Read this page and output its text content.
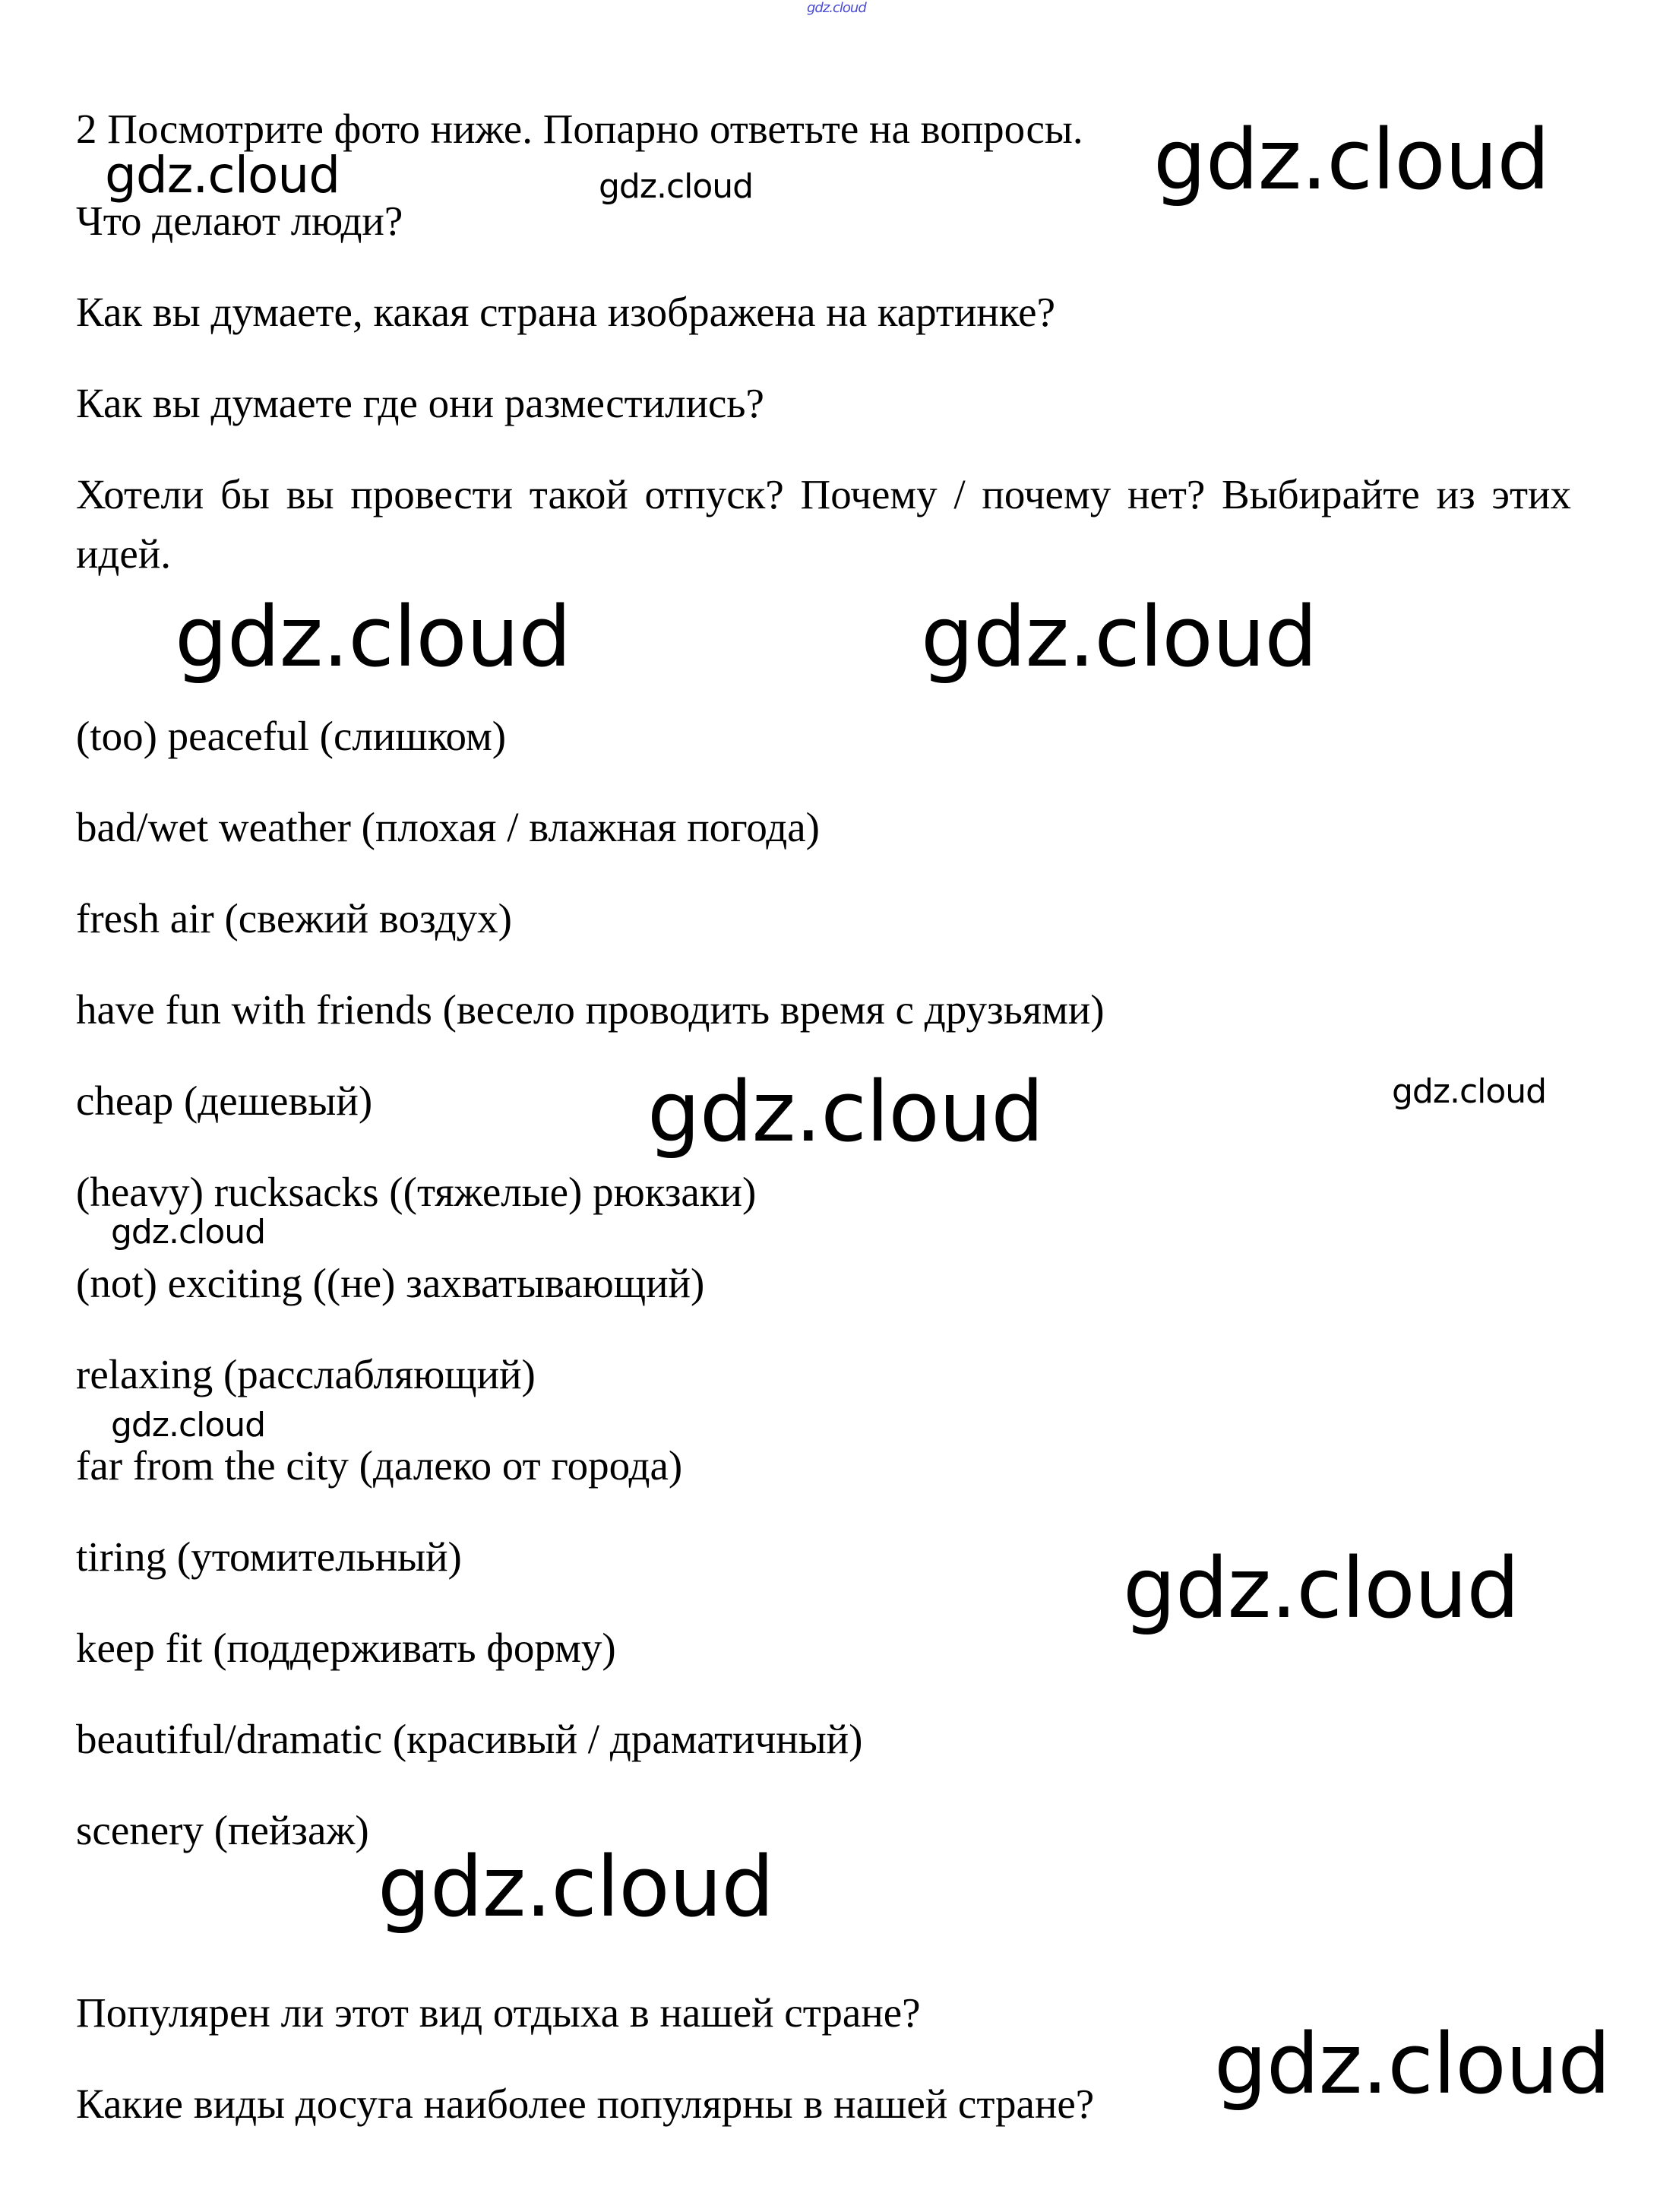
gdz.cloud

2 Посмотрите фото ниже. Попарно ответьте на вопросы.

Что делают люди?

Как вы думаете, какая страна изображена на картинке?

Как вы думаете где они разместились?

Хотели бы вы провести такой отпуск? Почему / почему нет? Выбирайте из этих идей.

(too) peaceful (слишком)

bad/wet weather (плохая / влажная погода)

fresh air (свежий воздух)

have fun with friends (весело проводить время с друзьями)

cheap (дешевый)

(heavy) rucksacks ((тяжелые) рюкзаки)

(not) exciting ((не) захватывающий)

relaxing (расслабляющий)

far from the city (далеко от города)

tiring (утомительный)

keep fit (поддерживать форму)

beautiful/dramatic (красивый / драматичный)

scenery (пейзаж)

Популярен ли этот вид отдыха в нашей стране?

Какие виды досуга наиболее популярны в нашей стране?

gdz.cloud
gdz.cloud	gdz.cloud
gdz.cloud	gdz.cloud
gdz.cloud	gdz.cloud
gdz.cloud
gdz.cloud
gdz.cloud
gdz.cloud
gdz.cloud
